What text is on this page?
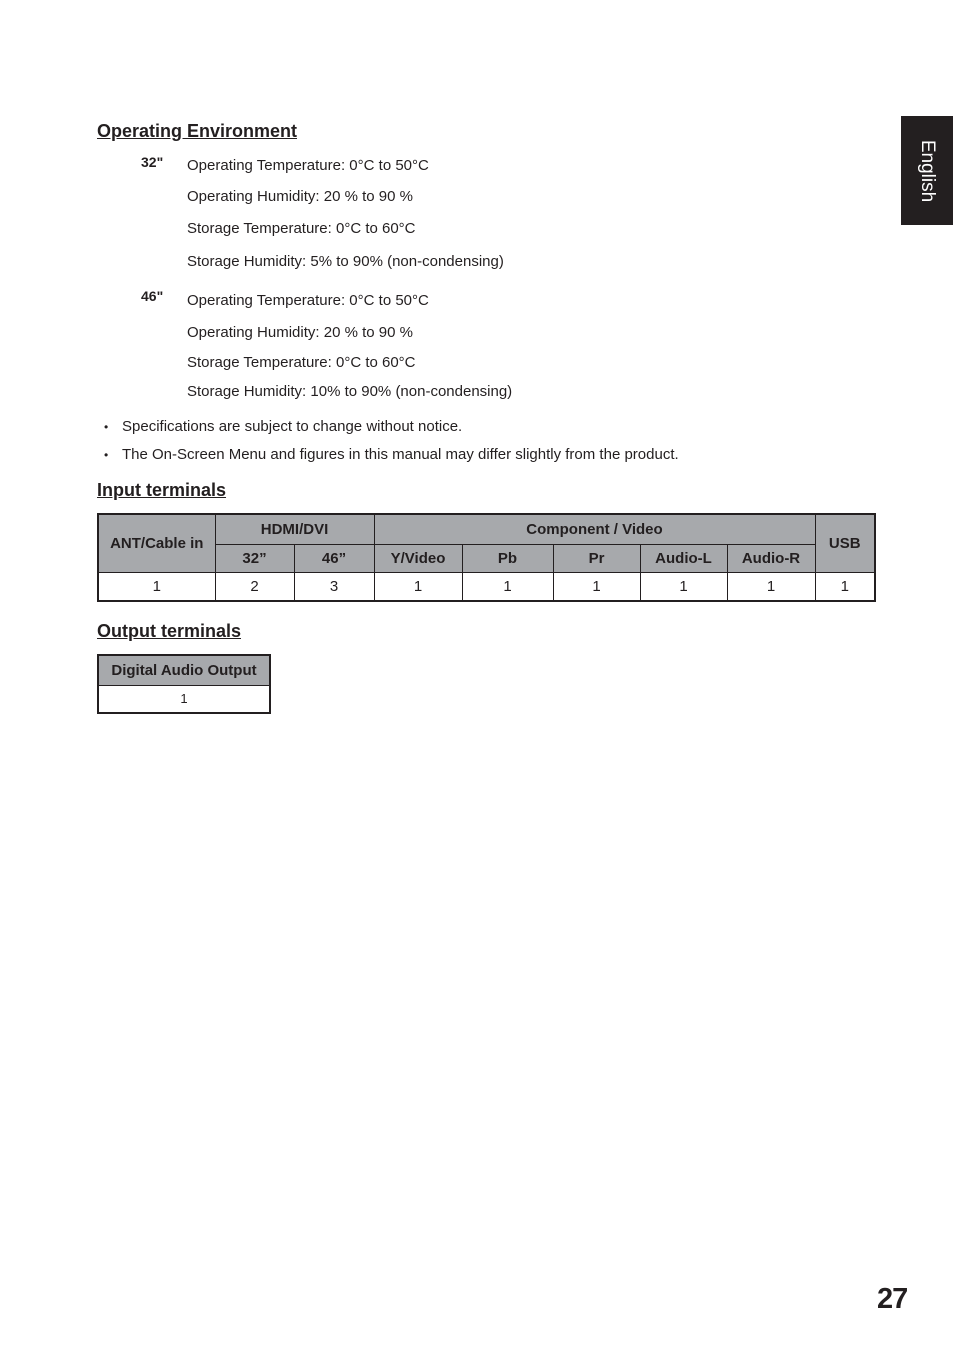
English
Operating Environment
32" Operating Temperature: 0°C to 50°C
Operating Humidity: 20 % to 90 %
Storage Temperature: 0°C to 60°C
Storage Humidity: 5% to 90% (non-condensing)
46" Operating Temperature: 0°C to 50°C
Operating Humidity: 20 % to 90 %
Storage Temperature: 0°C to 60°C
Storage Humidity: 10% to 90% (non-condensing)
• Specifications are subject to change without notice.
• The On-Screen Menu and figures in this manual may differ slightly from the product.
Input terminals
ANT/Cable in	HDMI/DVI		Component / Video					USB
	32”	46”	Y/Video	Pb	Pr	Audio-L	Audio-R	
1	2	3	1	1	1	1	1	1
Output terminals
Digital Audio Output
1
27
